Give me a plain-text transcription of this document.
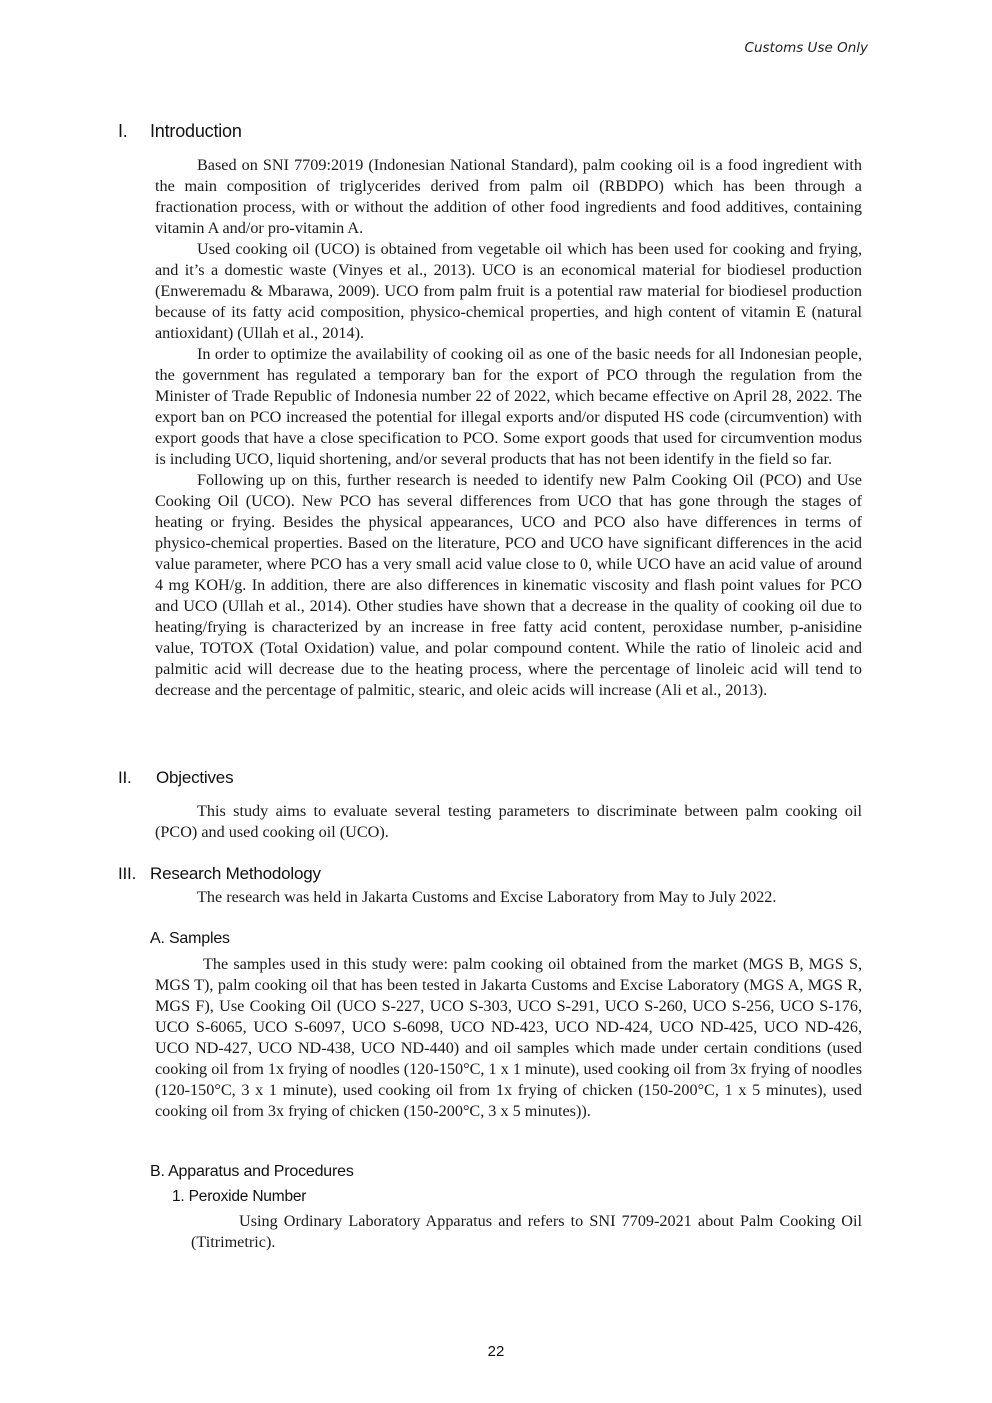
Customs Use Only
I. Introduction

Based on SNI 7709:2019 (Indonesian National Standard), palm cooking oil is a food ingredient with the main composition of triglycerides derived from palm oil (RBDPO) which has been through a fractionation process, with or without the addition of other food ingredients and food additives, containing vitamin A and/or pro-vitamin A.

Used cooking oil (UCO) is obtained from vegetable oil which has been used for cooking and frying, and it’s a domestic waste (Vinyes et al., 2013). UCO is an economical material for biodiesel production (Enweremadu & Mbarawa, 2009). UCO from palm fruit is a potential raw material for biodiesel production because of its fatty acid composition, physico-chemical properties, and high content of vitamin E (natural antioxidant) (Ullah et al., 2014).

In order to optimize the availability of cooking oil as one of the basic needs for all Indonesian people, the government has regulated a temporary ban for the export of PCO through the regulation from the Minister of Trade Republic of Indonesia number 22 of 2022, which became effective on April 28, 2022. The export ban on PCO increased the potential for illegal exports and/or disputed HS code (circumvention) with export goods that have a close specification to PCO. Some export goods that used for circumvention modus is including UCO, liquid shortening, and/or several products that has not been identify in the field so far.

Following up on this, further research is needed to identify new Palm Cooking Oil (PCO) and Use Cooking Oil (UCO). New PCO has several differences from UCO that has gone through the stages of heating or frying. Besides the physical appearances, UCO and PCO also have differences in terms of physico-chemical properties. Based on the literature, PCO and UCO have significant differences in the acid value parameter, where PCO has a very small acid value close to 0, while UCO have an acid value of around 4 mg KOH/g. In addition, there are also differences in kinematic viscosity and flash point values for PCO and UCO (Ullah et al., 2014). Other studies have shown that a decrease in the quality of cooking oil due to heating/frying is characterized by an increase in free fatty acid content, peroxidase number, p-anisidine value, TOTOX (Total Oxidation) value, and polar compound content. While the ratio of linoleic acid and palmitic acid will decrease due to the heating process, where the percentage of linoleic acid will tend to decrease and the percentage of palmitic, stearic, and oleic acids will increase (Ali et al., 2013).

II. Objectives

This study aims to evaluate several testing parameters to discriminate between palm cooking oil (PCO) and used cooking oil (UCO).

III. Research Methodology

The research was held in Jakarta Customs and Excise Laboratory from May to July 2022.

A. Samples

The samples used in this study were: palm cooking oil obtained from the market (MGS B, MGS S, MGS T), palm cooking oil that has been tested in Jakarta Customs and Excise Laboratory (MGS A, MGS R, MGS F), Use Cooking Oil (UCO S-227, UCO S-303, UCO S-291, UCO S-260, UCO S-256, UCO S-176, UCO S-6065, UCO S-6097, UCO S-6098, UCO ND-423, UCO ND-424, UCO ND-425, UCO ND-426, UCO ND-427, UCO ND-438, UCO ND-440) and oil samples which made under certain conditions (used cooking oil from 1x frying of noodles (120-150°C, 1 x 1 minute), used cooking oil from 3x frying of noodles (120-150°C, 3 x 1 minute), used cooking oil from 1x frying of chicken (150-200°C, 1 x 5 minutes), used cooking oil from 3x frying of chicken (150-200°C, 3 x 5 minutes)).

B. Apparatus and Procedures
1. Peroxide Number

Using Ordinary Laboratory Apparatus and refers to SNI 7709-2021 about Palm Cooking Oil (Titrimetric).

22
